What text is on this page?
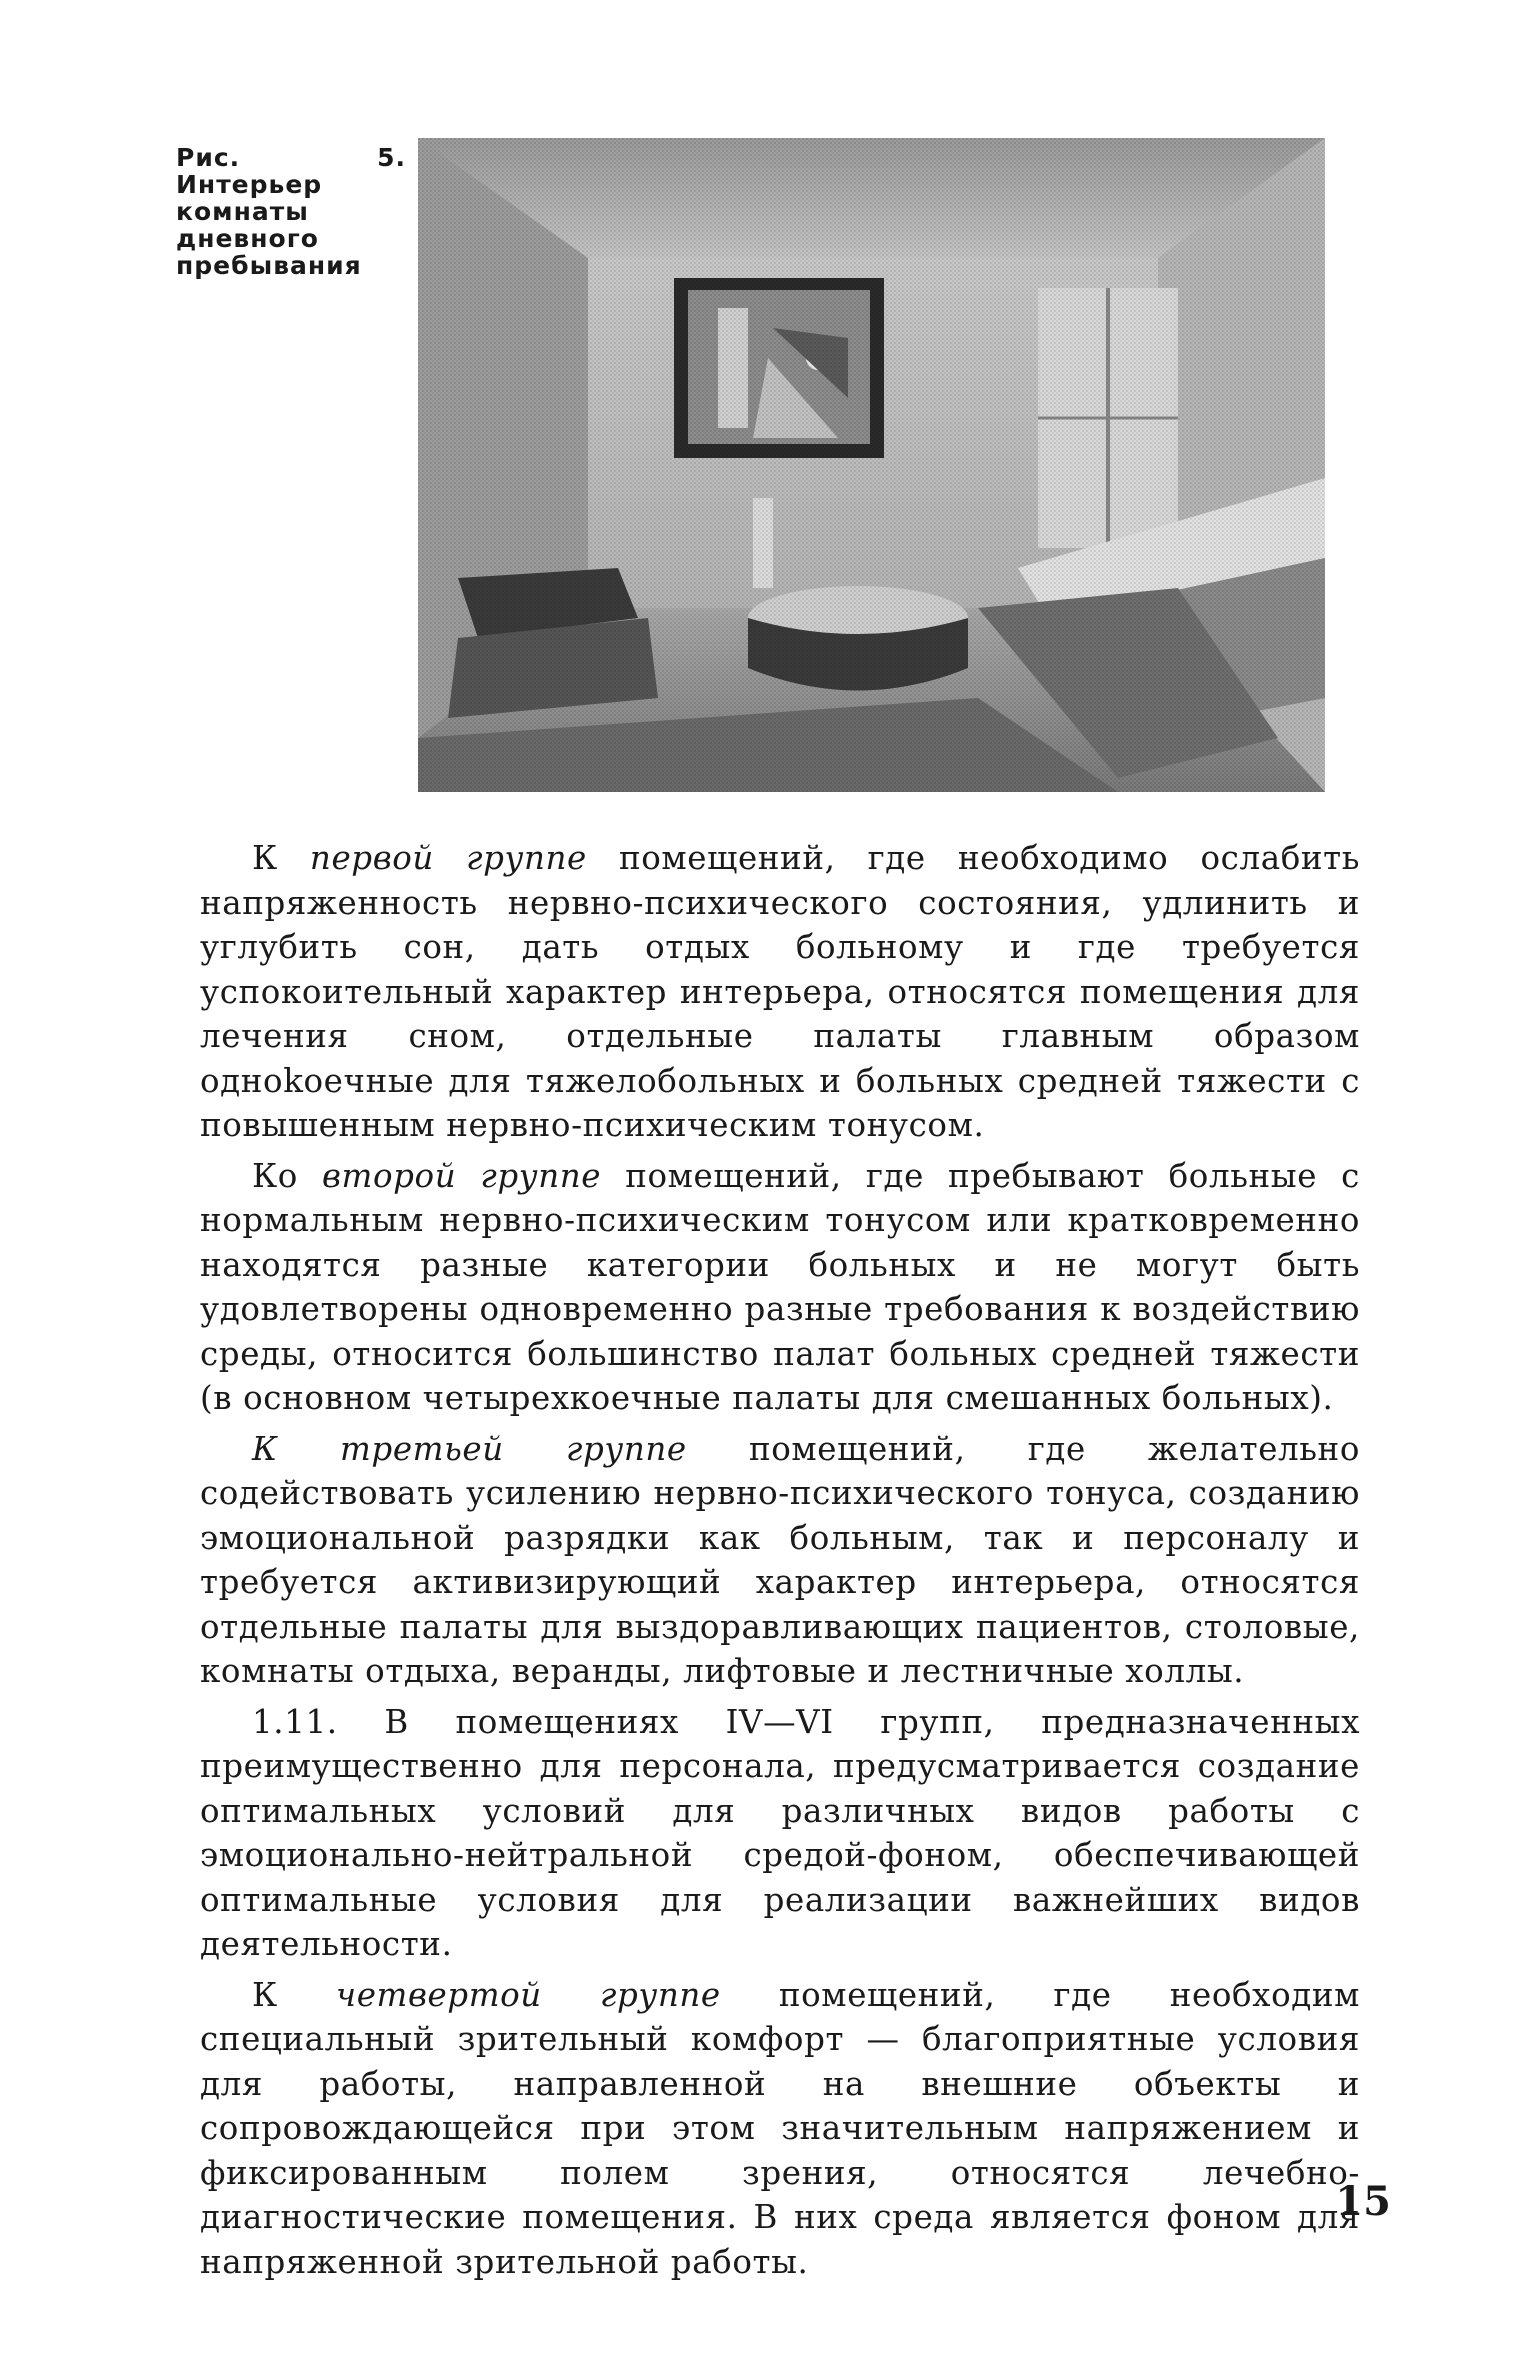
Рис. 5. Интерьер комнаты дневного пребывания

К первой группе помещений, где необходимо ослабить напряженность нервно-психического состояния, удлинить и углубить сон, дать отдых больному и где требуется успокоительный характер интерьера, относятся помещения для лечения сном, отдельные палаты главным образом одноkоечные для тяжелобольных и больных средней тяжести с повышенным нервно-психическим тонусом.

Ко второй группе помещений, где пребывают больные с нормальным нервно-психическим тонусом или кратковременно находятся разные категории больных и не могут быть удовлетворены одновременно разные требования к воздействию среды, относится большинство палат больных средней тяжести (в основном четырехкоечные палаты для смешанных больных).

К третьей группе помещений, где желательно содействовать усилению нервно-психического тонуса, созданию эмоциональной разрядки как больным, так и персоналу и требуется активизирующий характер интерьера, относятся отдельные палаты для выздоравливающих пациентов, столовые, комнаты отдыха, веранды, лифтовые и лестничные холлы.

1.11. В помещениях IV—VI групп, предназначенных преимущественно для персонала, предусматривается создание оптимальных условий для различных видов работы с эмоционально-нейтральной средой-фоном, обеспечивающей оптимальные условия для реализации важнейших видов деятельности.

К четвертой группе помещений, где необходим специальный зрительный комфорт — благоприятные условия для работы, направленной на внешние объекты и сопровождающейся при этом значительным напряжением и фиксированным полем зрения, относятся лечебно-диагностические помещения. В них среда является фоном для напряженной зрительной работы.

15
